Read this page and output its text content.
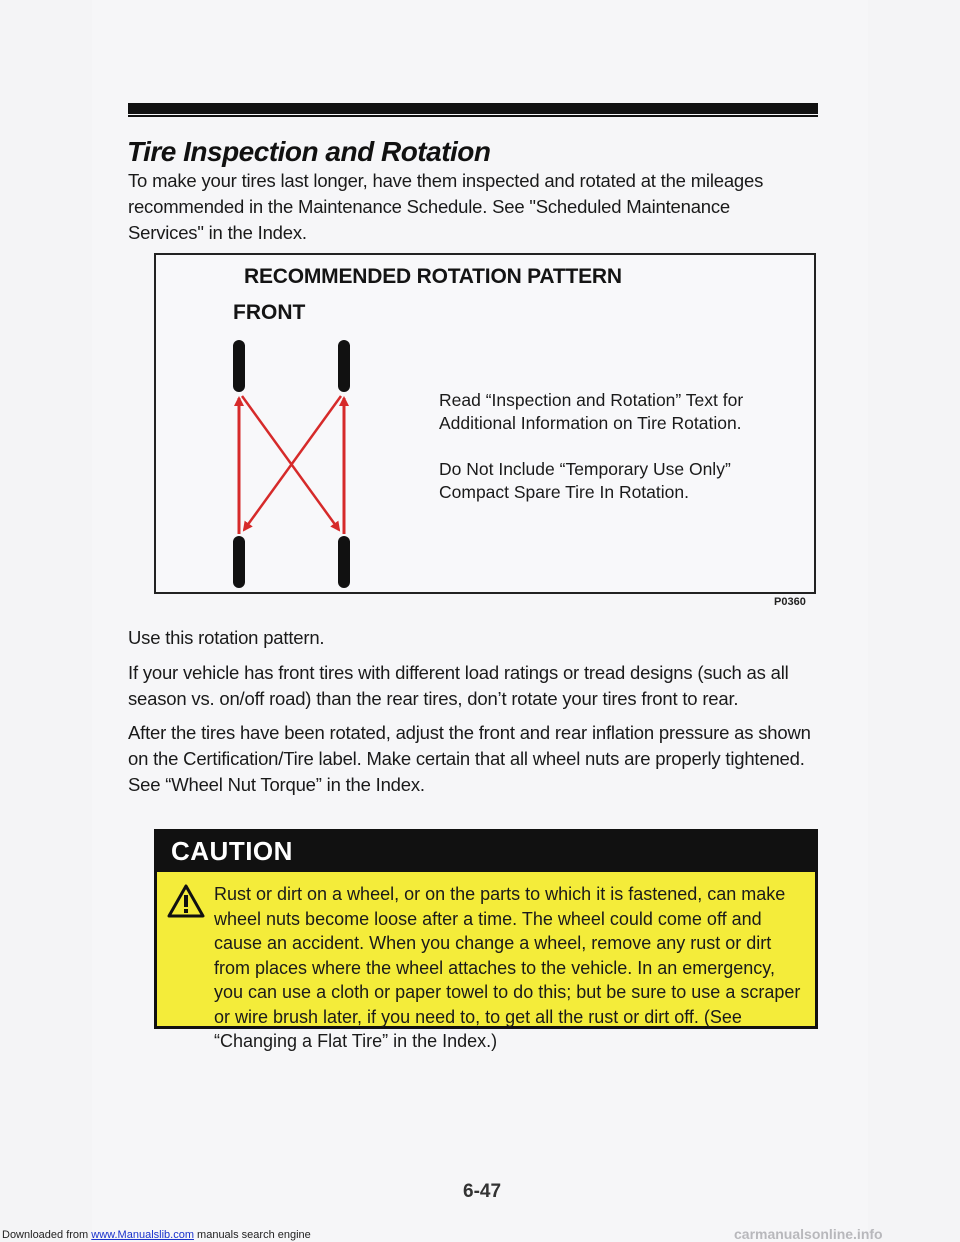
Tire Inspection and Rotation

To make your tires last longer, have them inspected and rotated at the mileages recommended in the Maintenance Schedule. See "Scheduled Maintenance Services" in the Index.

RECOMMENDED ROTATION PATTERN
FRONT
Read “Inspection and Rotation” Text for Additional Information on Tire Rotation.
Do Not Include “Temporary Use Only” Compact Spare Tire In Rotation.
P0360

Use this rotation pattern.

If your vehicle has front tires with different load ratings or tread designs (such as all season vs. on/off road) than the rear tires, don’t rotate your tires front to rear.

After the tires have been rotated, adjust the front and rear inflation pressure as shown on the Certification/Tire label. Make certain that all wheel nuts are properly tightened. See “Wheel Nut Torque” in the Index.

CAUTION

Rust or dirt on a wheel, or on the parts to which it is fastened, can make wheel nuts become loose after a time. The wheel could come off and cause an accident. When you change a wheel, remove any rust or dirt from places where the wheel attaches to the vehicle. In an emergency, you can use a cloth or paper towel to do this; but be sure to use a scraper or wire brush later, if you need to, to get all the rust or dirt off. (See “Changing a Flat Tire” in the Index.)

6-47
Downloaded from www.Manualslib.com manuals search engine	carmanualsonline.info
